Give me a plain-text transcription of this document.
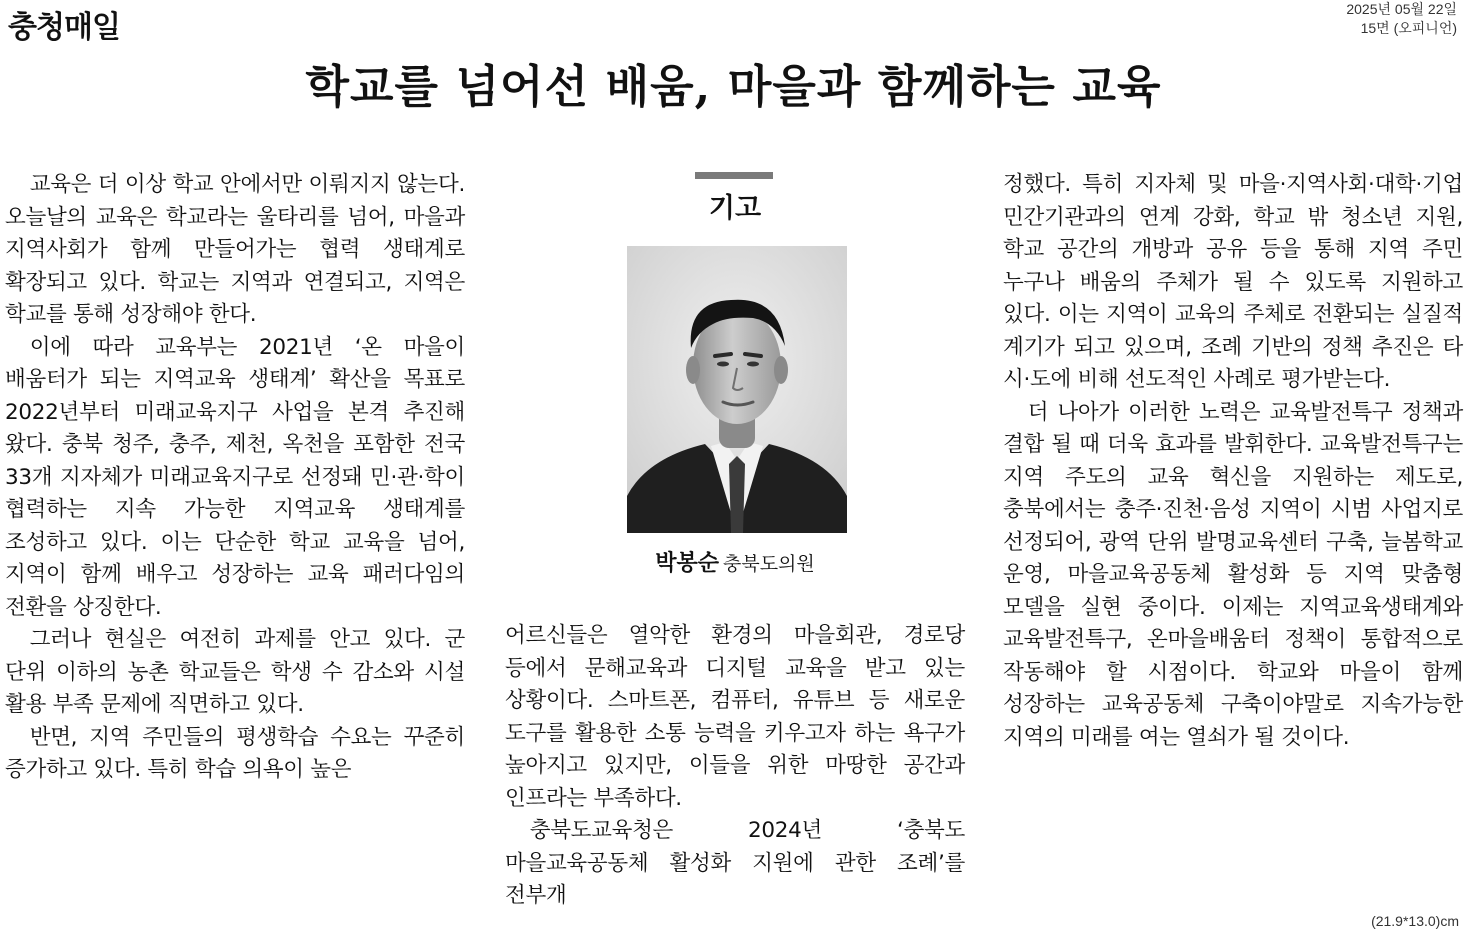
충청매일
2025년 05월 22일
15면 (오피니언)
학교를 넘어선 배움, 마을과 함께하는 교육

교육은 더 이상 학교 안에서만 이뤄지지 않는다. 오늘날의 교육은 학교라는 울타리를 넘어, 마을과 지역사회가 함께 만들어가는 협력 생태계로 확장되고 있다. 학교는 지역과 연결되고, 지역은 학교를 통해 성장해야 한다.

이에 따라 교육부는 2021년 ‘온 마을이 배움터가 되는 지역교육 생태계’ 확산을 목표로 2022년부터 미래교육지구 사업을 본격 추진해 왔다. 충북 청주, 충주, 제천, 옥천을 포함한 전국 33개 지자체가 미래교육지구로 선정돼 민·관·학이 협력하는 지속 가능한 지역교육 생태계를 조성하고 있다. 이는 단순한 학교 교육을 넘어, 지역이 함께 배우고 성장하는 교육 패러다임의 전환을 상징한다.

그러나 현실은 여전히 과제를 안고 있다. 군 단위 이하의 농촌 학교들은 학생 수 감소와 시설 활용 부족 문제에 직면하고 있다.

반면, 지역 주민들의 평생학습 수요는 꾸준히 증가하고 있다. 특히 학습 의욕이 높은

기고
박봉순 충북도의원

어르신들은 열악한 환경의 마을회관, 경로당 등에서 문해교육과 디지털 교육을 받고 있는 상황이다. 스마트폰, 컴퓨터, 유튜브 등 새로운 도구를 활용한 소통 능력을 키우고자 하는 욕구가 높아지고 있지만, 이들을 위한 마땅한 공간과 인프라는 부족하다.

충북도교육청은 2024년 ‘충북도 마을교육공동체 활성화 지원에 관한 조례’를 전부개

정했다. 특히 지자체 및 마을·지역사회·대학·기업 민간기관과의 연계 강화, 학교 밖 청소년 지원, 학교 공간의 개방과 공유 등을 통해 지역 주민 누구나 배움의 주체가 될 수 있도록 지원하고 있다. 이는 지역이 교육의 주체로 전환되는 실질적 계기가 되고 있으며, 조례 기반의 정책 추진은 타 시·도에 비해 선도적인 사례로 평가받는다.

더 나아가 이러한 노력은 교육발전특구 정책과 결합 될 때 더욱 효과를 발휘한다. 교육발전특구는 지역 주도의 교육 혁신을 지원하는 제도로, 충북에서는 충주·진천·음성 지역이 시범 사업지로 선정되어, 광역 단위 발명교육센터 구축, 늘봄학교 운영, 마을교육공동체 활성화 등 지역 맞춤형 모델을 실현 중이다. 이제는 지역교육생태계와 교육발전특구, 온마을배움터 정책이 통합적으로 작동해야 할 시점이다. 학교와 마을이 함께 성장하는 교육공동체 구축이야말로 지속가능한 지역의 미래를 여는 열쇠가 될 것이다.

(21.9*13.0)cm
